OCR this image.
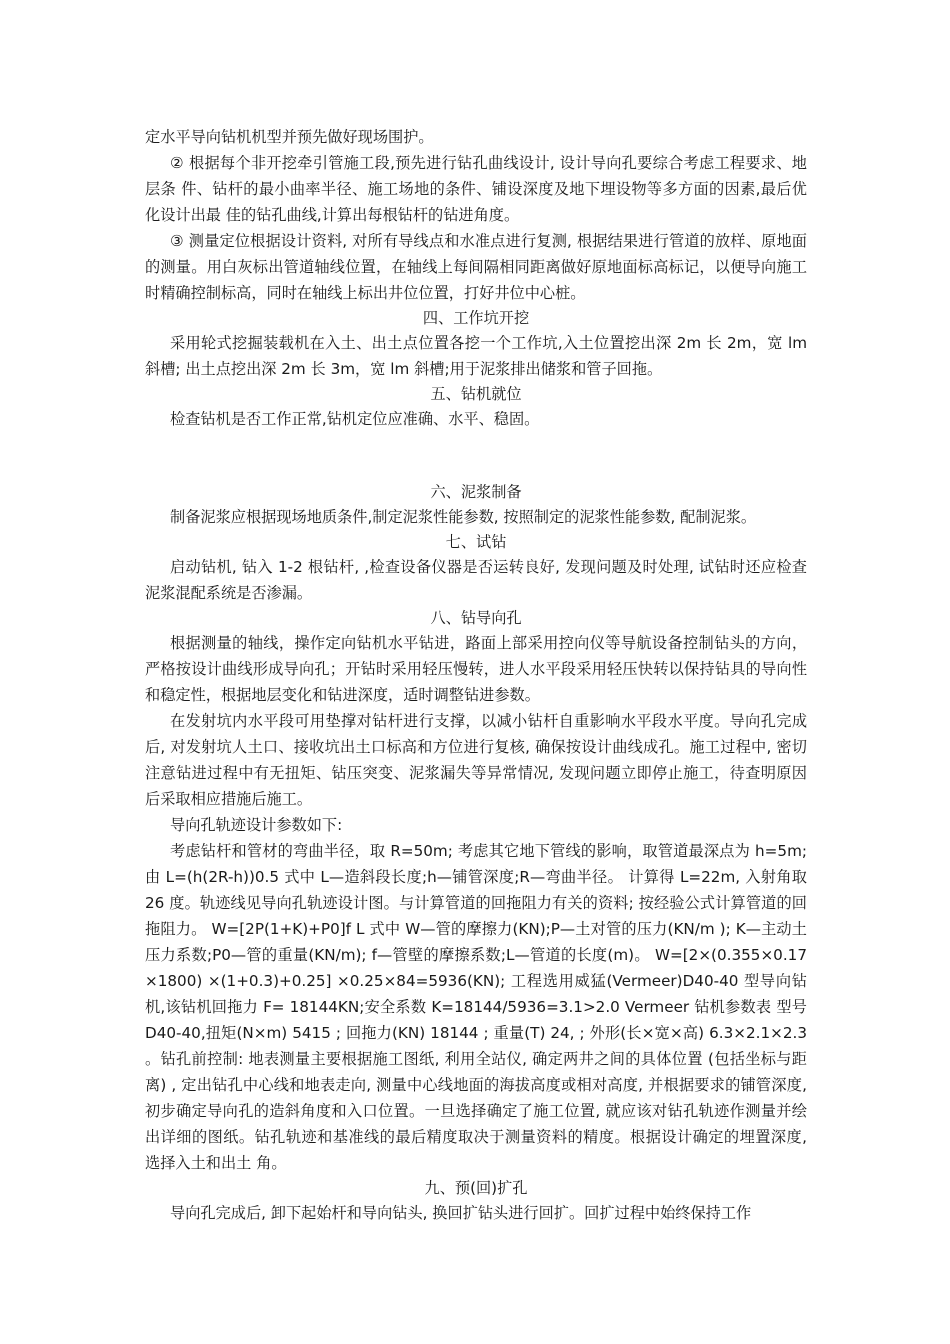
定水平导向钻机机型并预先做好现场围护。

② 根据每个非开挖牵引管施工段,预先进行钻孔曲线设计, 设计导向孔要综合考虑工程要求、地层条 件、钻杆的最小曲率半径、施工场地的条件、铺设深度及地下埋设物等多方面的因素,最后优化设计出最 佳的钻孔曲线,计算出每根钻杆的钻进角度。

③ 测量定位根据设计资料, 对所有导线点和水准点进行复测, 根据结果进行管道的放样、原地面的测量。用白灰标出管道轴线位置，在轴线上每间隔相同距离做好原地面标高标记，以便导向施工时精确控制标高，同时在轴线上标出井位位置，打好井位中心桩。

四、工作坑开挖

采用轮式挖掘装载机在入土、出土点位置各挖一个工作坑,入土位置挖出深 2m 长 2m，宽 lm 斜槽; 出土点挖出深 2m 长 3m，宽 lm 斜槽;用于泥浆排出储浆和管子回拖。

五、钻机就位

检查钻机是否工作正常,钻机定位应准确、水平、稳固。

六、泥浆制备

制备泥浆应根据现场地质条件,制定泥浆性能参数, 按照制定的泥浆性能参数, 配制泥浆。

七、试钻

启动钻机, 钻入 1-2 根钻杆, ,检查设备仪器是否运转良好, 发现问题及时处理, 试钻时还应检查泥浆混配系统是否渗漏。

八、钻导向孔

根据测量的轴线，操作定向钻机水平钻进，路面上部采用控向仪等导航设备控制钻头的方向，严格按设计曲线形成导向孔；开钻时采用轻压慢转，进人水平段采用轻压快转以保持钻具的导向性和稳定性，根据地层变化和钻进深度，适时调整钻进参数。

在发射坑内水平段可用垫撑对钻杆进行支撑，以减小钻杆自重影响水平段水平度。导向孔完成后, 对发射坑人土口、接收坑出土口标高和方位进行复核, 确保按设计曲线成孔。施工过程中, 密切注意钻进过程中有无扭矩、钻压突变、泥浆漏失等异常情况, 发现问题立即停止施工，待查明原因后采取相应措施后施工。

导向孔轨迹设计参数如下:

考虑钻杆和管材的弯曲半径，取 R=50m; 考虑其它地下管线的影响，取管道最深点为 h=5m; 由 L=(h(2R-h))0.5 式中 L—造斜段长度;h—铺管深度;R—弯曲半径。 计算得 L=22m, 入射角取 26 度。轨迹线见导向孔轨迹设计图。与计算管道的回拖阻力有关的资料; 按经验公式计算管道的回拖阻力。 W=[2P(1+K)+P0]f L 式中 W—管的摩擦力(KN);P—土对管的压力(KN/m ); K—主动土压力系数;P0—管的重量(KN/m); f—管壁的摩擦系数;L—管道的长度(m)。 W=[2×(0.355×0.17×1800) ×(1+0.3)+0.25] ×0.25×84=5936(KN); 工程选用威猛(Vermeer)D40-40 型导向钻机,该钻机回拖力 F= 18144KN;安全系数 K=18144/5936=3.1>2.0 Vermeer 钻机参数表 型号 D40-40,扭矩(N×m) 5415 ; 回拖力(KN) 18144 ; 重量(T) 24, ; 外形(长×宽×高) 6.3×2.1×2.3 。钻孔前控制: 地表测量主要根据施工图纸, 利用全站仪, 确定两井之间的具体位置 (包括坐标与距 离) , 定出钻孔中心线和地表走向, 测量中心线地面的海拔高度或相对高度, 并根据要求的铺管深度, 初步确定导向孔的造斜角度和入口位置。一旦选择确定了施工位置, 就应该对钻孔轨迹作测量并绘出详细的图纸。钻孔轨迹和基准线的最后精度取决于测量资料的精度。根据设计确定的埋置深度, 选择入土和出土 角。

九、预(回)扩孔

导向孔完成后, 卸下起始杆和导向钻头, 换回扩钻头进行回扩。回扩过程中始终保持工作
